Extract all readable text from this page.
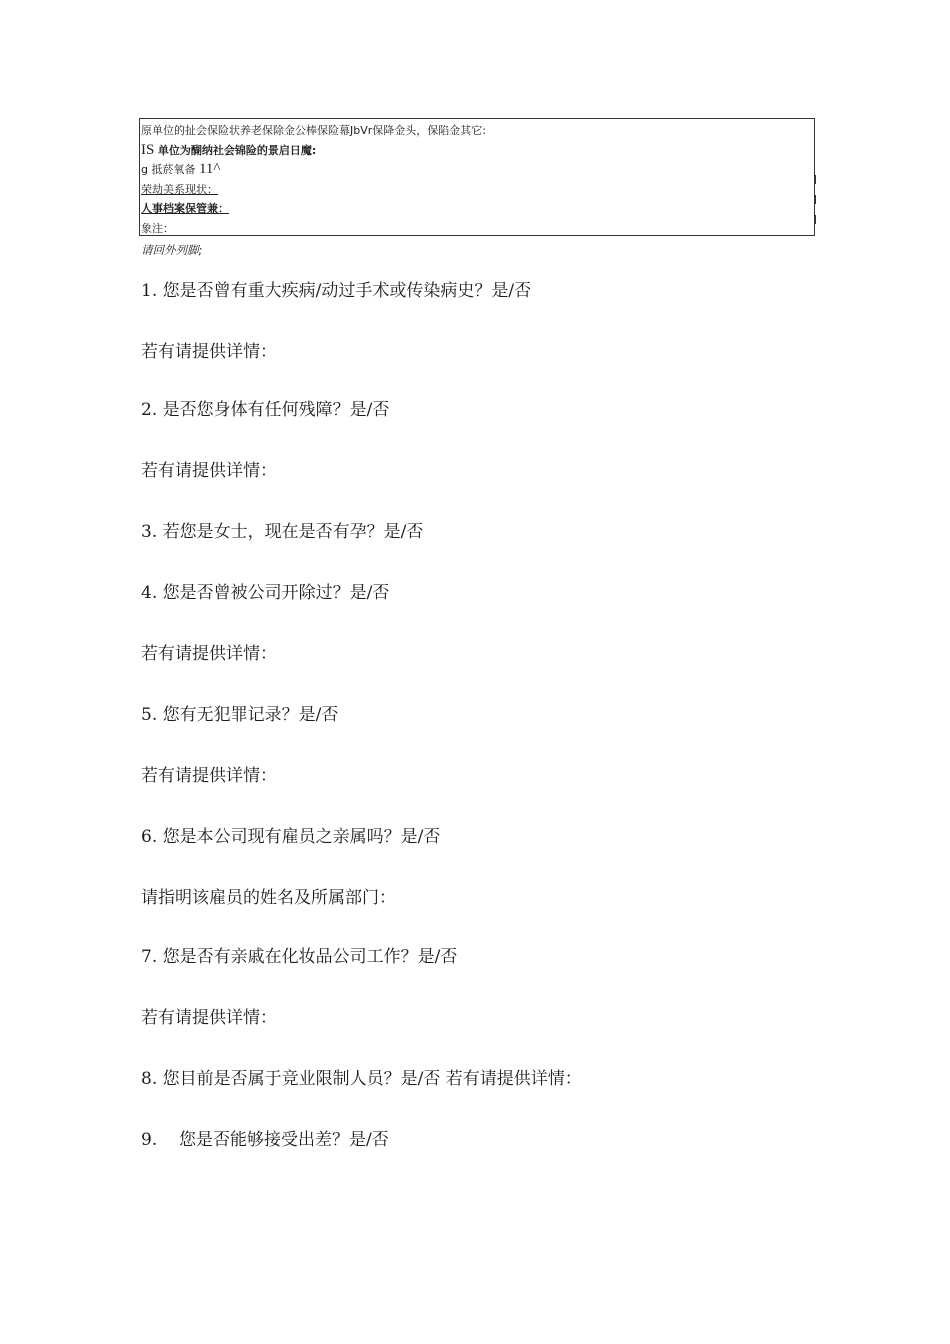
原单位的扯会保险状养老保除金公棒保险幕JbVr保降金头，保陷金其它:
IS 单位为醐纳社会锦险的景启日魔:
g 抵菸氧备 11^
荣劫美系现状：
人事档案保管兼：
象注：
请回外列脚;
1. 您是否曾有重大疾病/动过手术或传染病史？是/否
若有请提供详情：
2. 是否您身体有任何残障？是/否
若有请提供详情：
3. 若您是女士，现在是否有孕？是/否
4. 您是否曾被公司开除过？是/否
若有请提供详情：
5. 您有无犯罪记录？是/否
若有请提供详情：
6. 您是本公司现有雇员之亲属吗？是/否
请指明该雇员的姓名及所属部门：
7. 您是否有亲戚在化妆品公司工作？是/否
若有请提供详情：
8. 您目前是否属于竞业限制人员？是/否 若有请提供详情：
9. 您是否能够接受出差？是/否
